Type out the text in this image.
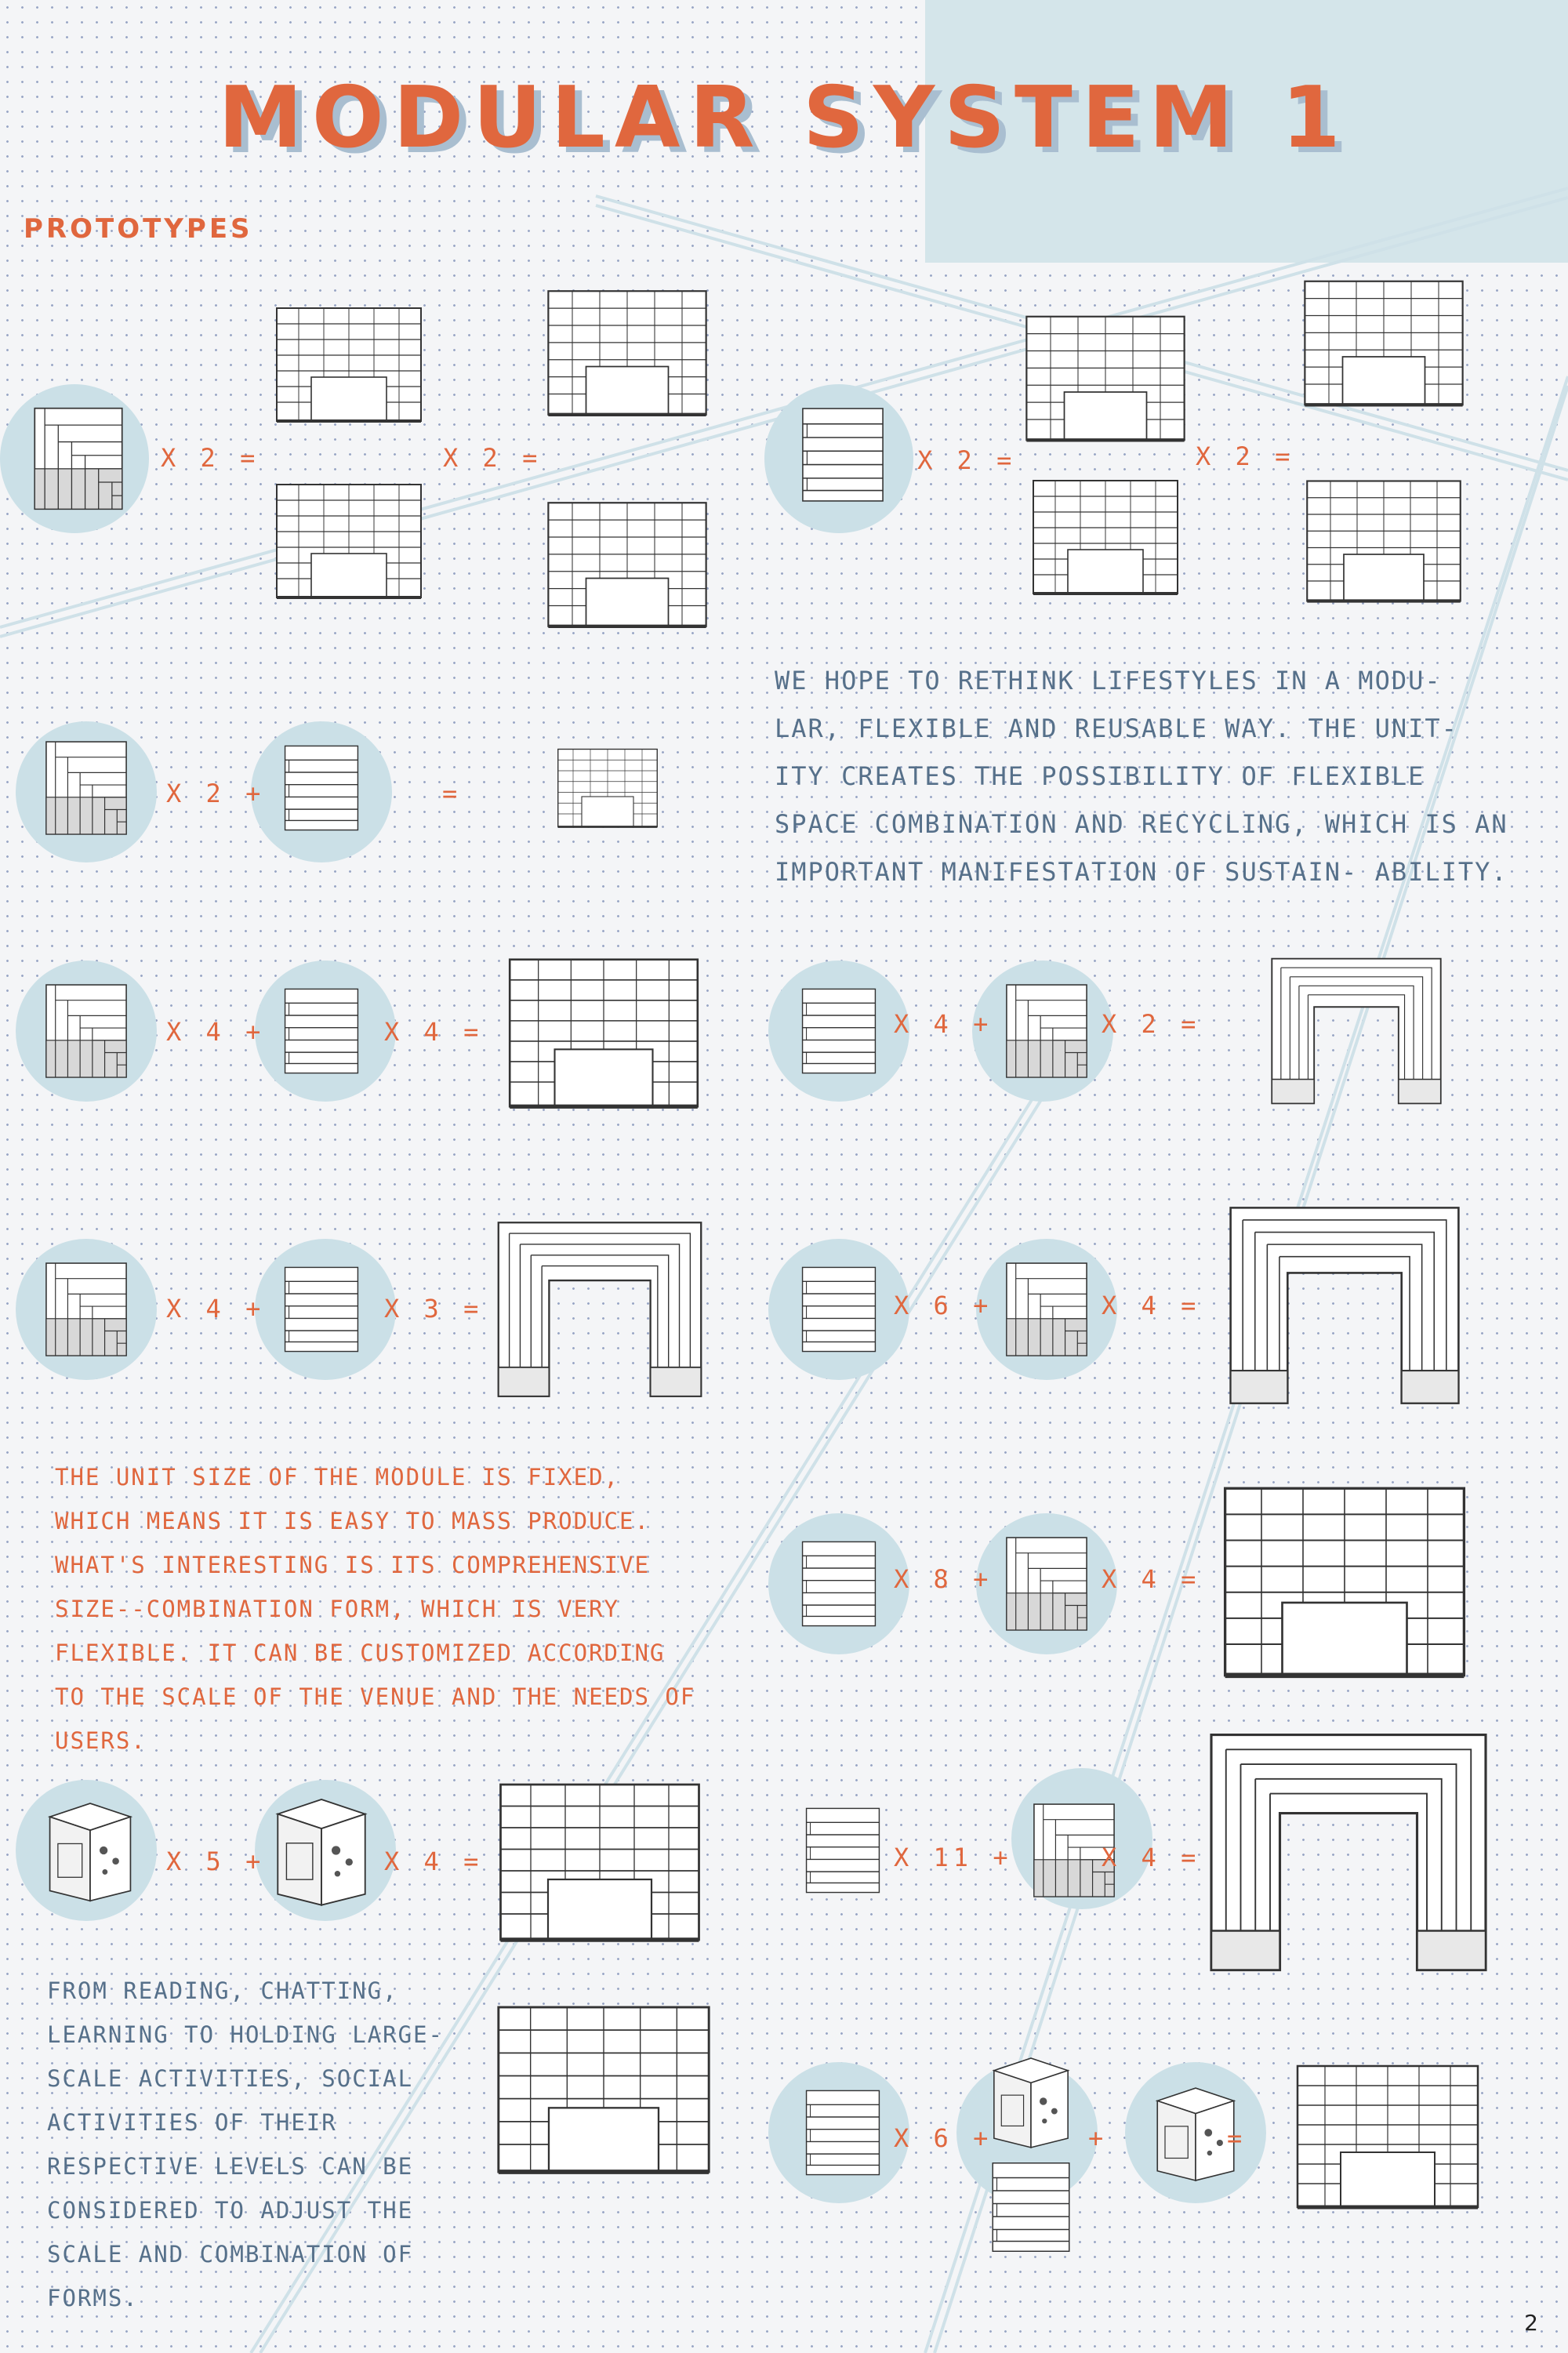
MODULAR SYSTEM 1
PROTOTYPES
X 2 =	X 2 =	X 2 =	X 2 =
X 2 +	=
X 4 +	X 4 =	X 4 +	X 2 =
X 4 +	X 3 =	X 6 +	X 4 =
X 8 +	X 4 =
X 5 +	X 4 =	X 11 +	X 4 =
X 6 +	+	=
WE HOPE TO RETHINK LIFESTYLES IN A MODU- LAR, FLEXIBLE AND REUSABLE WAY. THE UNIT- ITY CREATES THE POSSIBILITY OF FLEXIBLE SPACE COMBINATION AND RECYCLING, WHICH IS AN IMPORTANT MANIFESTATION OF SUSTAIN- ABILITY.
THE UNIT SIZE OF THE MODULE IS FIXED, WHICH MEANS IT IS EASY TO MASS PRODUCE. WHAT'S INTERESTING IS ITS COMPREHENSIVE SIZE--COMBINATION FORM, WHICH IS VERY FLEXIBLE. IT CAN BE CUSTOMIZED ACCORDING TO THE SCALE OF THE VENUE AND THE NEEDS OF USERS.
FROM READING, CHATTING, LEARNING TO HOLDING LARGE-SCALE ACTIVITIES, SOCIAL ACTIVITIES OF THEIR RESPECTIVE LEVELS CAN BE CONSIDERED TO ADJUST THE SCALE AND COMBINATION OF FORMS.
2
